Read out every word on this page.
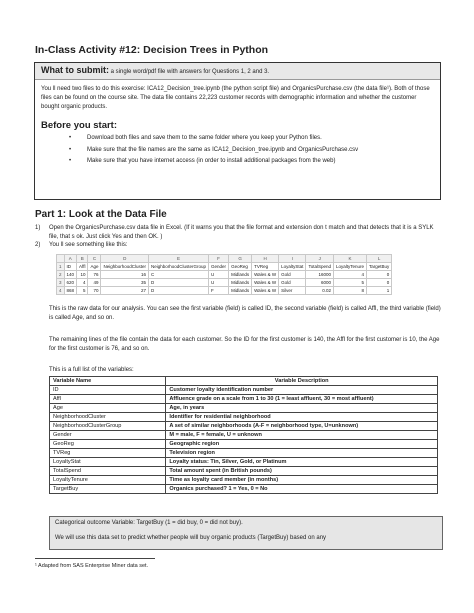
In-Class Activity #12: Decision Trees in Python
What to submit: a single word/pdf file with answers for Questions 1, 2 and 3.

You ll need two files to do this exercise: ICA12_Decision_tree.ipynb (the python script file) and OrganicsPurchase.csv (the data file¹). Both of those files can be found on the course site. The data file contains 22,223 customer records with demographic information and whether the customer bought organic products.

Before you start:
• Download both files and save them to the same folder where you keep your Python files.
• Make sure that the file names are the same as ICA12_Decision_tree.ipynb and OrganicsPurchase.csv
• Make sure that you have internet access (in order to install additional packages from the web)
Part 1: Look at the Data File
1) Open the OrganicsPurchase.csv data file in Excel. (If it warns you that the file format and extension don t match and that detects that it is a SYLK file, that s ok. Just click Yes and then OK. )
2) You ll see something like this:
	A	B	C	D	E	F	G	H	I	J	K	L
1	ID	Affl	Age	NeighborhoodCluster	NeighborhoodClusterGroup	Gender	GeoReg	TVReg	LoyaltyStat	TotalSpend	LoyaltyTenure	TargetBuy
2	140	10	76	16	C	U	Midlands	Wales & W	Gold	16000	4	0
3	620	4	49	35	D	U	Midlands	Wales & W	Gold	6000	5	0
4	868	5	70	27	D	F	Midlands	Wales & W	Silver	0.02	8	1

This is the raw data for our analysis. You can see the first variable (field) is called ID, the second variable (field) is called Affl, the third variable (field) is called Age, and so on.

The remaining lines of the file contain the data for each customer. So the ID for the first customer is 140, the Affl for the first customer is 10, the Age for the first customer is 76, and so on.

This is a full list of the variables:

Variable Name	Variable Description
ID	Customer loyalty identification number
Affl	Affluence grade on a scale from 1 to 30 (1 = least affluent, 30 = most affluent)
Age	Age, in years
NeighborhoodCluster	Identifier for residential neighborhood
NeighborhoodClusterGroup	A set of similar neighborhoods (A-F = neighborhood type, U=unknown)
Gender	M = male, F = female, U = unknown
GeoReg	Geographic region
TVReg	Television region
LoyaltyStat	Loyalty status: Tin, Silver, Gold, or Platinum
TotalSpend	Total amount spent (in British pounds)
LoyaltyTenure	Time as loyalty card member (in months)
TargetBuy	Organics purchased? 1 = Yes, 0 = No

Categorical outcome Variable: TargetBuy (1 = did buy, 0 = did not buy).

We will use this data set to predict whether people will buy organic products (TargetBuy) based on any

¹ Adapted from SAS Enterprise Miner data set.
